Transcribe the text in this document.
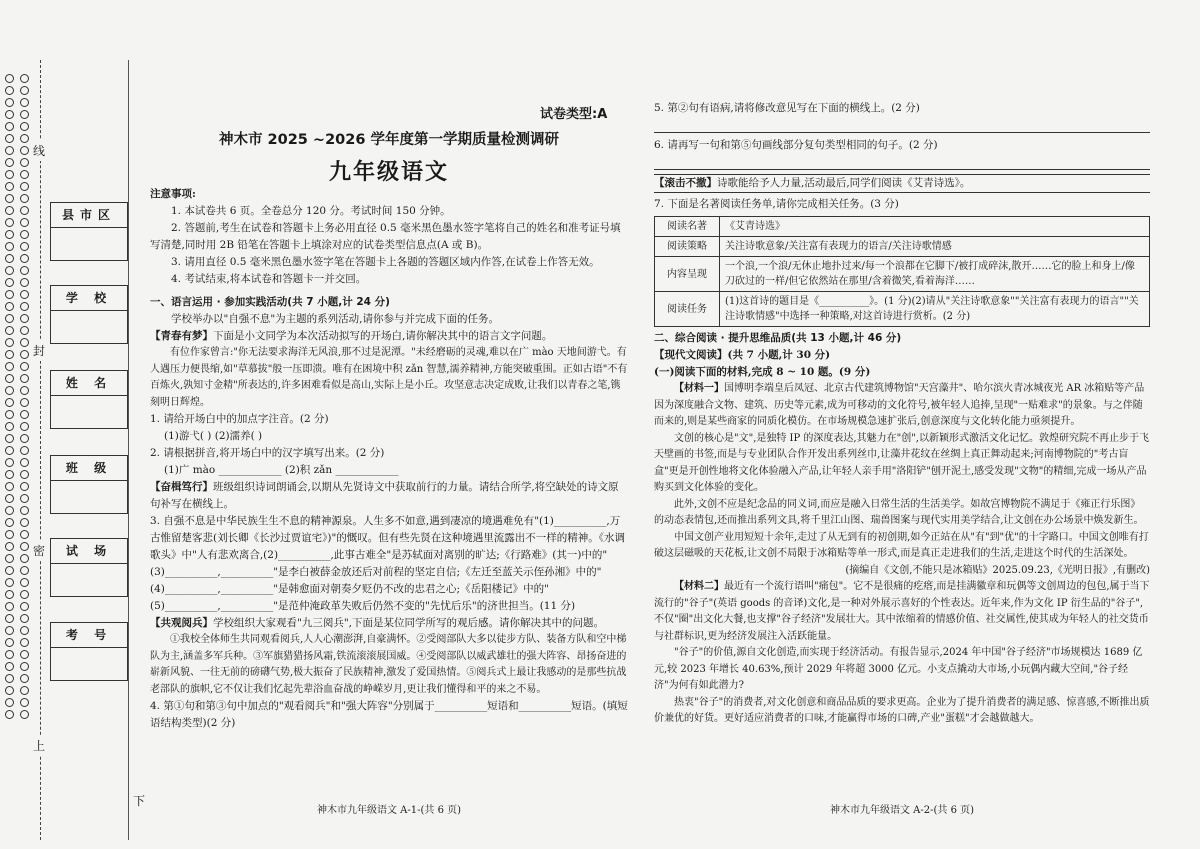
线
封
密
上
下
县市区
学 校
姓 名
班 级
试 场
考 号
试卷类型:A
神木市 2025 ~2026 学年度第一学期质量检测调研
九年级语文

注意事项:

1. 本试卷共 6 页。全卷总分 120 分。考试时间 150 分钟。

2. 答题前,考生在试卷和答题卡上务必用直径 0.5 毫米黑色墨水签字笔将自己的姓名和准考证号填写清楚,同时用 2B 铅笔在答题卡上填涂对应的试卷类型信息点(A 或 B)。

3. 请用直径 0.5 毫米黑色墨水签字笔在答题卡上各题的答题区域内作答,在试卷上作答无效。

4. 考试结束,将本试卷和答题卡一并交回。

一、语言运用 · 参加实践活动(共 7 小题,计 24 分)

学校举办以"自强不息"为主题的系列活动,请你参与并完成下面的任务。

【青春有梦】下面是小文同学为本次活动拟写的开场白,请你解决其中的语言文字问题。

有位作家曾言:"你无法要求海洋无风浪,那不过是泥潭。"未经磨砺的灵魂,难以在广 mào 天地间游弋。有人遇压力便畏缩,如"草慕拔"般一压即溃。唯有在困境中积 zǎn 智慧,濡养精神,方能突破重围。正如古语"不有百炼火,孰知寸金精"所表达的,许多困难看似是高山,实际上是小丘。攻坚意志决定成败,让我们以青春之笔,镌刻明日辉煌。

1. 请给开场白中的加点字注音。(2 分)

(1)游弋( ) (2)濡养( )

2. 请根据拼音,将开场白中的汉字填写出来。(2 分)

(1)广 mào ____________ (2)积 zǎn ____________

【奋楫笃行】班级组织诗词朗诵会,以期从先贤诗文中获取前行的力量。请结合所学,将空缺处的诗文原句补写在横线上。

3. 自强不息是中华民族生生不息的精神源泉。人生多不如意,遇到凄凉的境遇难免有"(1)__________,万古惟留楚客悲(刘长卿《长沙过贾谊宅》)"的慨叹。但有些先贤在这种境遇里流露出不一样的精神。《水调歌头》中"人有悲欢离合,(2)__________,此事古难全"是苏轼面对离别的旷达;《行路难》(其一)中的"(3)__________,__________"是李白被薛金放还后对前程的坚定自信;《左迁至蓝关示侄孙湘》中的"(4)__________,__________"是韩愈面对朝奏夕贬仍不改的忠君之心;《岳阳楼记》中的"(5)__________,__________"是范仲淹政革失败后仍然不变的"先忧后乐"的济世担当。(11 分)

【共观阅兵】学校组织大家观看"九三阅兵",下面是某位同学所写的观后感。请你解决其中的问题。

①我校全体师生共同观看阅兵,人人心潮澎湃,自豪满怀。②受阅部队大多以徒步方队、装备方队和空中梯队为主,涵盖多军兵种。③军旗猎猎扬风霜,铁流滚滚展国威。④受阅部队以威武雄壮的强大阵容、昂扬奋进的崭新风貌、一往无前的磅礴气势,极大振奋了民族精神,激发了爱国热情。⑤阅兵式上最让我感动的是那些抗战老部队的旗帜,它不仅让我们忆起先辈浴血奋战的峥嵘岁月,更让我们懂得和平的来之不易。

4. 第①句和第③句中加点的"观看阅兵"和"强大阵容"分别属于__________短语和__________短语。(填短语结构类型)(2 分)

神木市九年级语文 A-1-(共 6 页)

5. 第②句有语病,请将修改意见写在下面的横线上。(2 分)

6. 请再写一句和第⑤句画线部分复句类型相同的句子。(2 分)

【滚击不撤】诗歌能给予人力量,活动最后,同学们阅读《艾青诗选》。

7. 下面是名著阅读任务单,请你完成相关任务。(3 分)

阅读名著	《艾青诗选》
阅读策略	关注诗歌意象/关注富有表现力的语言/关注诗歌情感
内容呈现	一个浪,一个浪/无休止地扑过来/每一个浪都在它脚下/被打成碎沫,散开……它的脸上和身上/像刀砍过的一样/但它依然站在那里/含着微笑,看着海洋……
阅读任务	(1)这首诗的题目是《__________》。(1 分)(2)请从"关注诗歌意象""关注富有表现力的语言""关注诗歌情感"中选择一种策略,对这首诗进行赏析。(2 分)

二、综合阅读 · 提升思维品质(共 13 小题,计 46 分)

【现代文阅读】(共 7 小题,计 30 分)

(一)阅读下面的材料,完成 8 ~ 10 题。(9 分)

【材料一】国博明李端皇后凤冠、北京古代建筑博物馆"天宫藻井"、哈尔滨火青冰城夜光 AR 冰箱贴等产品因为深度融合文物、建筑、历史等元素,成为可移动的文化符号,被年轻人追捧,呈现"一贴难求"的景象。与之伴随而来的,则是某些商家的同质化模仿。在市场规模急速扩张后,创意深度与文化转化能力亟须提升。

文创的核心是"文",是独特 IP 的深度表达,其魅力在"创",以新颖形式激活文化记忆。敦煌研究院不再止步于飞天壁画的书签,而是与专业团队合作开发出系列丝巾,让藻井花纹在丝绸上真正舞动起来;河南博物院的"考古盲盒"更是开创性地将文化体验融入产品,让年轻人亲手用"洛阳铲"刨开泥土,感受发现"文物"的精细,完成一场从产品购买到文化体验的变化。

此外,文创不应是纪念品的同义词,而应是融入日常生活的生活美学。如故宫博物院不满足于《雍正行乐图》的动态表情包,还而推出系列文具,将千里江山图、瑞兽图案与现代实用美学结合,让文创在办公场景中焕发新生。

中国文创产业用短短十余年,走过了从无到有的初创期,如今正站在从"有"到"优"的十字路口。中国文创唯有打破这层磁吸的天花板,让文创不局限于冰箱贴等单一形式,而是真正走进我们的生活,走进这个时代的生活深处。

(摘编自《文创,不能只是冰箱贴》2025.09.23,《光明日报》,有删改)

【材料二】最近有一个流行语叫"痛包"。它不是很痛的疙瘩,而是挂满徽章和玩偶等文创周边的包包,属于当下流行的"谷子"(英语 goods 的音译)文化,是一种对外展示喜好的个性表达。近年来,作为文化 IP 衍生品的"谷子",不仅"圈"出文化大餐,也支撑"谷子经济"发展壮大。其中浓缩着的情感价值、社交属性,使其成为年轻人的社交货币与社群标识,更为经济发展注入活跃能量。

"谷子"的价值,源自文化创造,而实现于经济活动。有报告显示,2024 年中国"谷子经济"市场规模达 1689 亿元,较 2023 年增长 40.63%,预计 2029 年将超 3000 亿元。小支点撬动大市场,小玩偶内藏大空间,"谷子经济"为何有如此潜力?

热衷"谷子"的消费者,对文化创意和商品品质的要求更高。企业为了提升消费者的满足感、惊喜感,不断推出质价兼优的好货。更好适应消费者的口味,才能赢得市场的口碑,产业"蛋糕"才会越做越大。

神木市九年级语文 A-2-(共 6 页)
